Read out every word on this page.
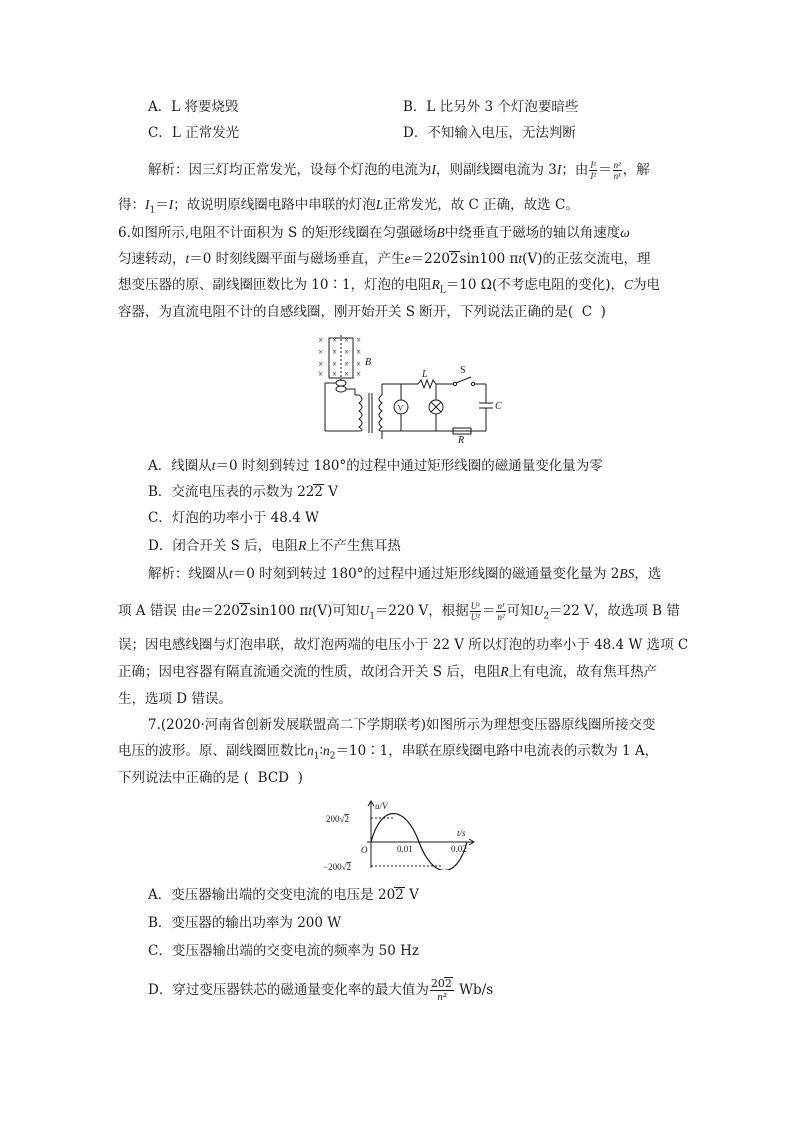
A．L 将要烧毁	B．L 比另外 3 个灯泡要暗些
C．L 正常发光	D．不知输入电压，无法判断
解析：因三灯均正常发光，设每个灯泡的电流为I，则副线圈电流为 3I；由 $\frac{\text{I¹}}{\text{I²}} = \frac{\text{n²}}{\text{n¹}}$ ，解
得：$I_1=I$；故说明原线圈电路中串联的灯泡L正常发光，故 C 正确，故选 C。
6.如图所示,电阻不计面积为 S 的矩形线圈在匀强磁场B中绕垂直于磁场的轴以角速度ω
匀速转动，t＝0 时刻线圈平面与磁场垂直，产生e＝2202sin100 πt(V)的正弦交流电，理
想变压器的原、副线圈匝数比为 10∶1，灯泡的电阻$R_L=10$ Ω(不考虑电阻的变化)，C为电
容器，为直流电阻不计的自感线圈，刚开始开关 S 断开，下列说法正确的是( C )
× × × ×
× × × ×
× × × ×
× × × ×
B
L	S
C
R
V
A．线圈从t＝0 时刻到转过 180°的过程中通过矩形线圈的磁通量变化量为零
B．交流电压表的示数为 222 V
C．灯泡的功率小于 48.4 W
D．闭合开关 S 后，电阻R上不产生焦耳热
解析：线圈从t＝0 时刻到转过 180°的过程中通过矩形线圈的磁通量变化量为 2BS，选
项 A 错误 由e＝2202sin100 πt(V)可知$U_1=220$ V，根据 $\frac{\text{U¹}}{\text{U²}} = \frac{\text{n¹}}{\text{n²}}$ 可知$U_2=22$ V，故选项 B 错
误；因电感线圈与灯泡串联，故灯泡两端的电压小于 22 V 所以灯泡的功率小于 48.4 W 选项 C
正确；因电容器有隔直流通交流的性质，故闭合开关 S 后，电阻R上有电流，故有焦耳热产
生，选项 D 错误。
7.(2020·河南省创新发展联盟高二下学期联考)如图所示为理想变压器原线圈所接交变
电压的波形。原、副线圈匝数比$n_1∶n_2=10∶1$，串联在原线圈电路中电流表的示数为 1 A，
下列说法中正确的是 ( BCD )
u/V
t/s
200√2
−200√2
O	0.01	0.02
A．变压器输出端的交变电流的电压是 202 V
B．变压器的输出功率为 200 W
C．变压器输出端的交变电流的频率为 50 Hz
D．穿过变压器铁芯的磁通量变化率的最大值为 $\frac{202}{\text{n²}} Wb/s$
